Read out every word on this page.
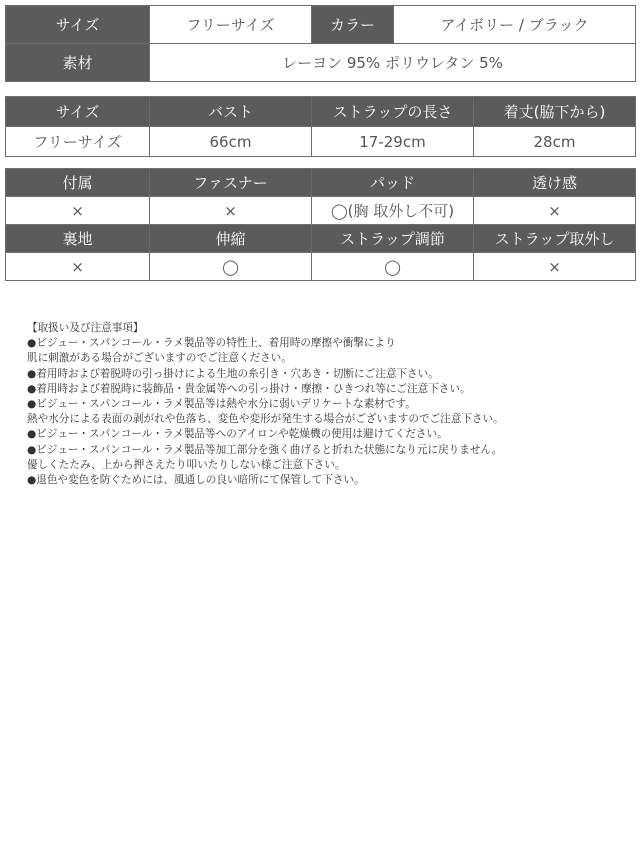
サイズ	フリーサイズ	カラー	アイボリー / ブラック
素材	レーヨン 95% ポリウレタン 5%		
サイズ	バスト	ストラップの長さ	着丈(脇下から)
フリーサイズ	66cm	17-29cm	28cm
付属	ファスナー	パッド	透け感
×	×	◯(胸 取外し不可)	×
裏地	伸縮	ストラップ調節	ストラップ取外し
×	◯	◯	×
【取扱い及び注意事項】
●ビジュー・スパンコール・ラメ製品等の特性上、着用時の摩擦や衝撃により
肌に刺激がある場合がございますのでご注意ください。
●着用時および着脱時の引っ掛けによる生地の糸引き・穴あき・切断にご注意下さい。
●着用時および着脱時に装飾品・貴金属等への引っ掛け・摩擦・ひきつれ等にご注意下さい。
●ビジュー・スパンコール・ラメ製品等は熱や水分に弱いデリケートな素材です。
熱や水分による表面の剥がれや色落ち、変色や変形が発生する場合がございますのでご注意下さい。
●ビジュー・スパンコール・ラメ製品等へのアイロンや乾燥機の使用は避けてください。
●ビジュー・スパンコール・ラメ製品等加工部分を強く曲げると折れた状態になり元に戻りません。
優しくたたみ、上から押さえたり叩いたりしない様ご注意下さい。
●退色や変色を防ぐためには、風通しの良い暗所にて保管して下さい。
